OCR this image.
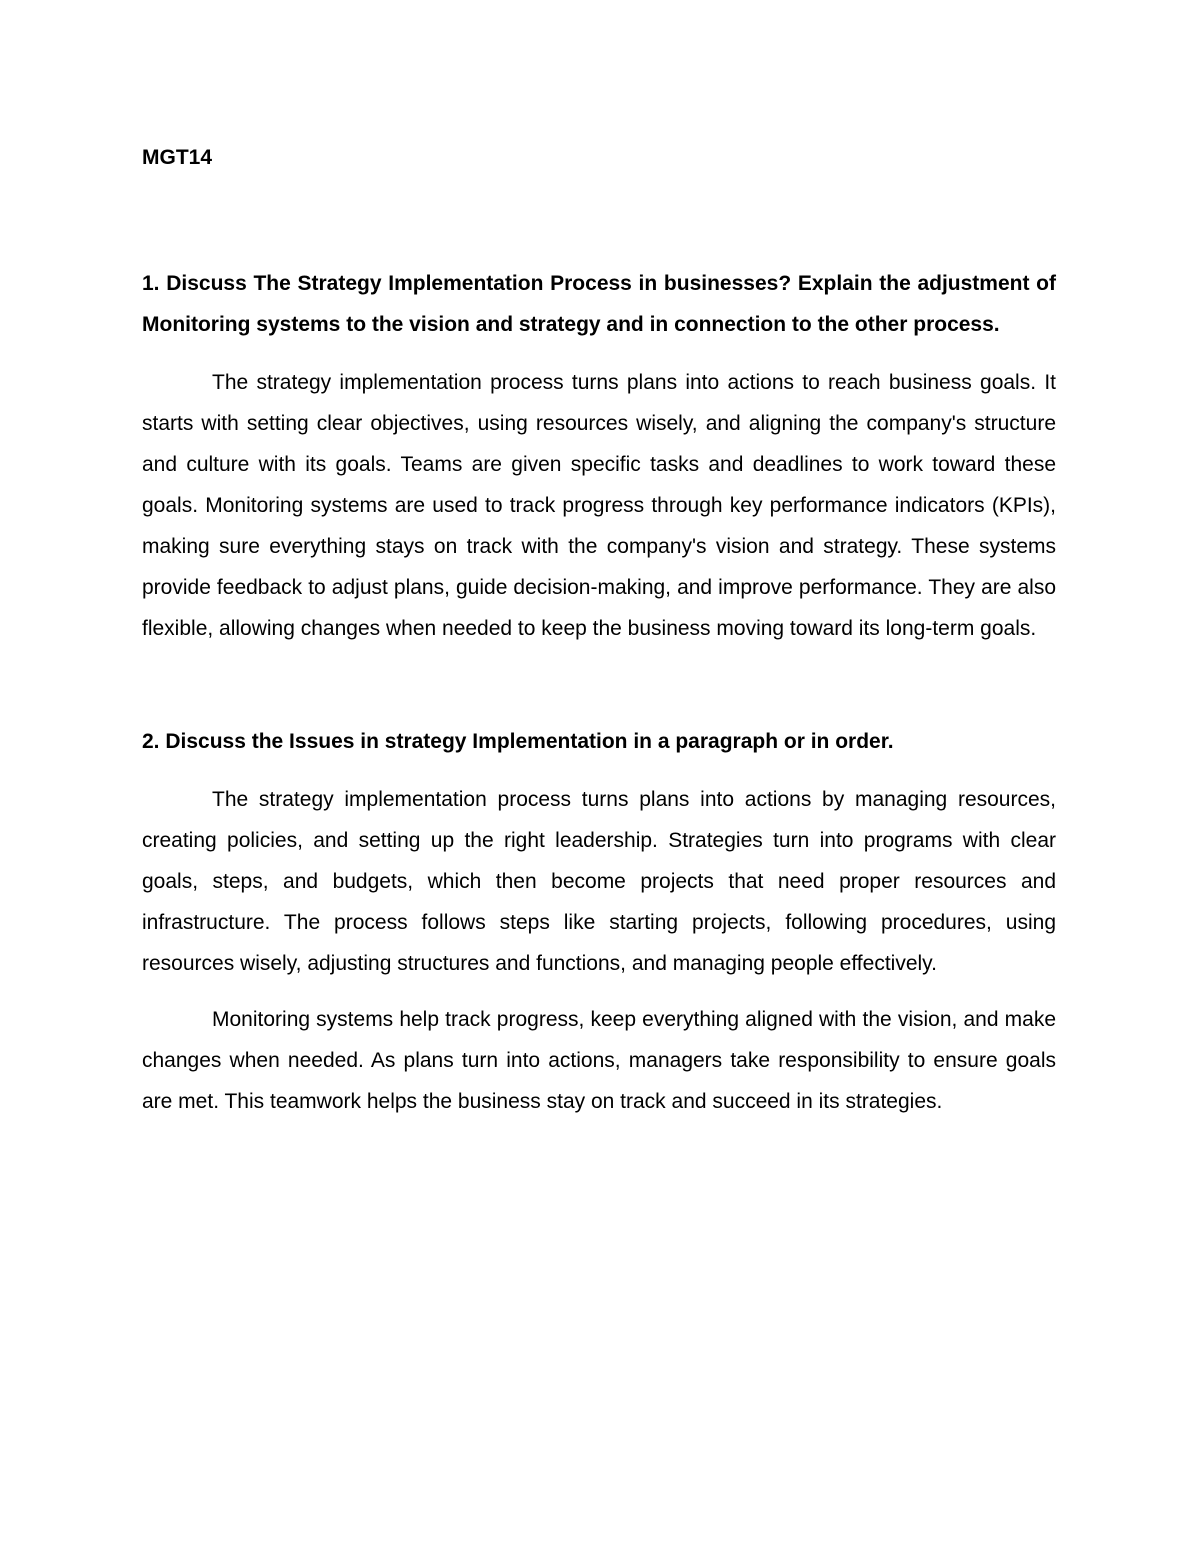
MGT14

1. Discuss The Strategy Implementation Process in businesses? Explain the adjustment of Monitoring systems to the vision and strategy and in connection to the other process.

The strategy implementation process turns plans into actions to reach business goals. It starts with setting clear objectives, using resources wisely, and aligning the company's structure and culture with its goals. Teams are given specific tasks and deadlines to work toward these goals. Monitoring systems are used to track progress through key performance indicators (KPIs), making sure everything stays on track with the company's vision and strategy. These systems provide feedback to adjust plans, guide decision-making, and improve performance. They are also flexible, allowing changes when needed to keep the business moving toward its long-term goals.

2. Discuss the Issues in strategy Implementation in a paragraph or in order.

The strategy implementation process turns plans into actions by managing resources, creating policies, and setting up the right leadership. Strategies turn into programs with clear goals, steps, and budgets, which then become projects that need proper resources and infrastructure. The process follows steps like starting projects, following procedures, using resources wisely, adjusting structures and functions, and managing people effectively.

Monitoring systems help track progress, keep everything aligned with the vision, and make changes when needed. As plans turn into actions, managers take responsibility to ensure goals are met. This teamwork helps the business stay on track and succeed in its strategies.
